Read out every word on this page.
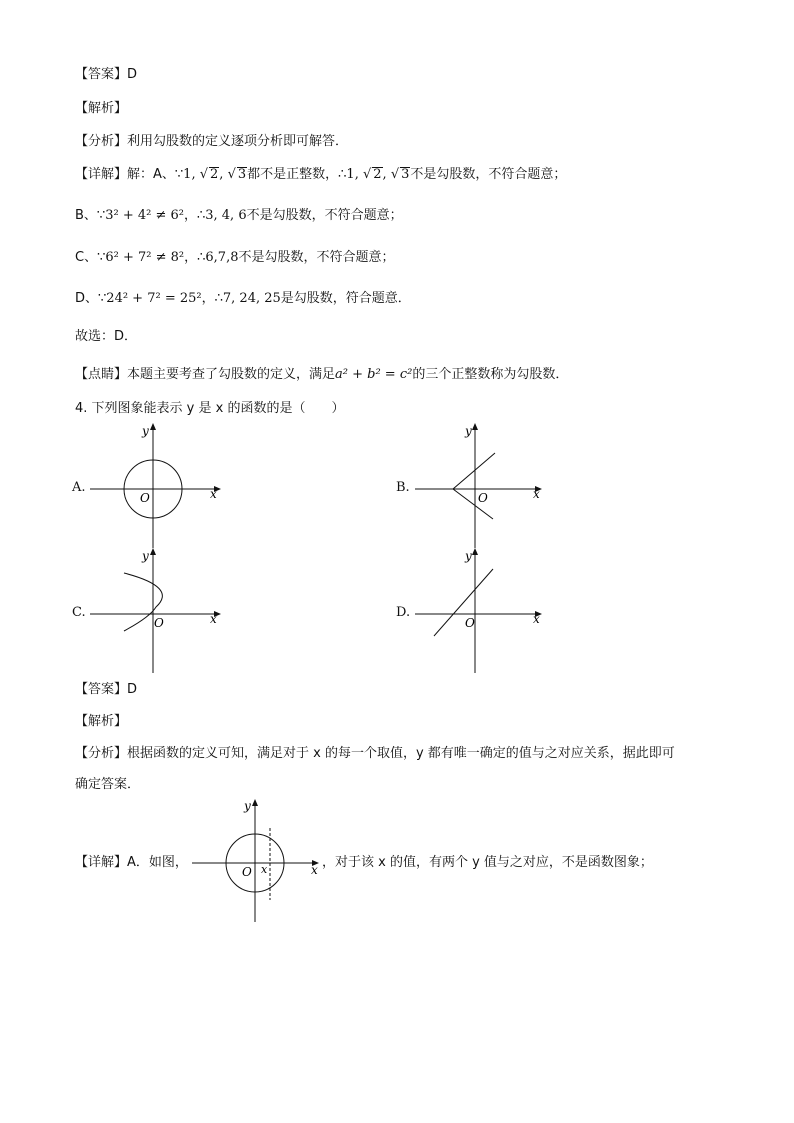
【答案】D
【解析】
【分析】利用勾股数的定义逐项分析即可解答．
【详解】解：A、∵1, √ 2, √ 3都不是正整数，∴1, √ 2, √ 3不是勾股数，不符合题意；
B、∵3² + 4² ≠ 6²，∴3, 4, 6不是勾股数，不符合题意；
C、∵6² + 7² ≠ 8²，∴6,7,8不是勾股数，不符合题意；
D、∵24² + 7² = 25²，∴7, 24, 25是勾股数，符合题意．
故选：D．
【点睛】本题主要考查了勾股数的定义，满足a² + b² = c²的三个正整数称为勾股数．
4. 下列图象能表示 y 是 x 的函数的是（　　）
A.	x
y
O
B.	x
y
O
C.	x
y
O
D.	x
y
O
【答案】D
【解析】
【分析】根据函数的定义可知，满足对于 x 的每一个取值，y 都有唯一确定的值与之对应关系，据此即可
确定答案．
【详解】A．如图，	x
y
O x	，对于该 x 的值，有两个 y 值与之对应，不是函数图象；
